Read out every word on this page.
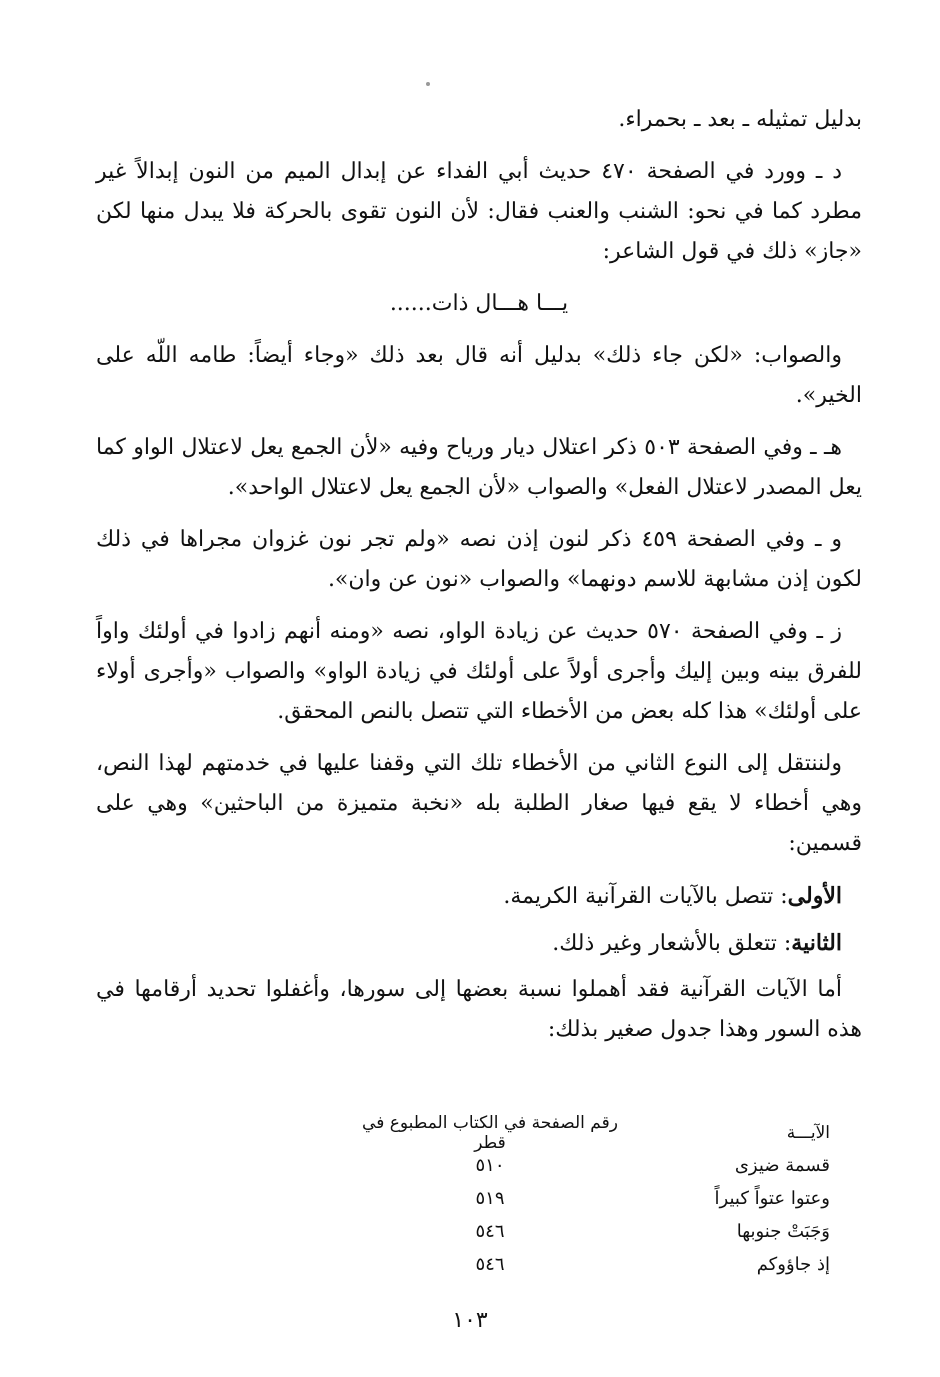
بدليل تمثيله ـ بعد ـ بحمراء.

د ـ وورد في الصفحة ٤٧٠ حديث أبي الفداء عن إبدال الميم من النون إبدالاً غير مطرد كما في نحو: الشنب والعنب فقال: لأن النون تقوى بالحركة فلا يبدل منها لكن «جاز» ذلك في قول الشاعر:

يـــا هـــال ذات......

والصواب: «لكن جاء ذلك» بدليل أنه قال بعد ذلك «وجاء أيضاً: طامه اللّه على الخير».

هـ ـ وفي الصفحة ٥٠٣ ذكر اعتلال ديار ورياح وفيه «لأن الجمع يعل لاعتلال الواو كما يعل المصدر لاعتلال الفعل» والصواب «لأن الجمع يعل لاعتلال الواحد».

و ـ وفي الصفحة ٤٥٩ ذكر لنون إذن نصه «ولم تجر نون غزوان مجراها في ذلك لكون إذن مشابهة للاسم دونهما» والصواب «نون عن وان».

ز ـ وفي الصفحة ٥٧٠ حديث عن زيادة الواو، نصه «ومنه أنهم زادوا في أولئك واواً للفرق بينه وبين إليك وأجرى أولاً على أولئك في زيادة الواو» والصواب «وأجرى أولاء على أولئك» هذا كله بعض من الأخطاء التي تتصل بالنص المحقق.

ولننتقل إلى النوع الثاني من الأخطاء تلك التي وقفنا عليها في خدمتهم لهذا النص، وهي أخطاء لا يقع فيها صغار الطلبة بله «نخبة متميزة من الباحثين» وهي على قسمين:

الأولى: تتصل بالآيات القرآنية الكريمة.

الثانية: تتعلق بالأشعار وغير ذلك.

أما الآيات القرآنية فقد أهملوا نسبة بعضها إلى سورها، وأغفلوا تحديد أرقامها في هذه السور وهذا جدول صغير بذلك:

الآيـــة
رقم الصفحة في الكتاب المطبوع في قطر
قسمة ضيزى
٥١٠
وعتوا عتواً كبيراً
٥١٩
وَجَبَتْ جنوبها
٥٤٦
إذ جاؤوكم
٥٤٦
١٠٣
